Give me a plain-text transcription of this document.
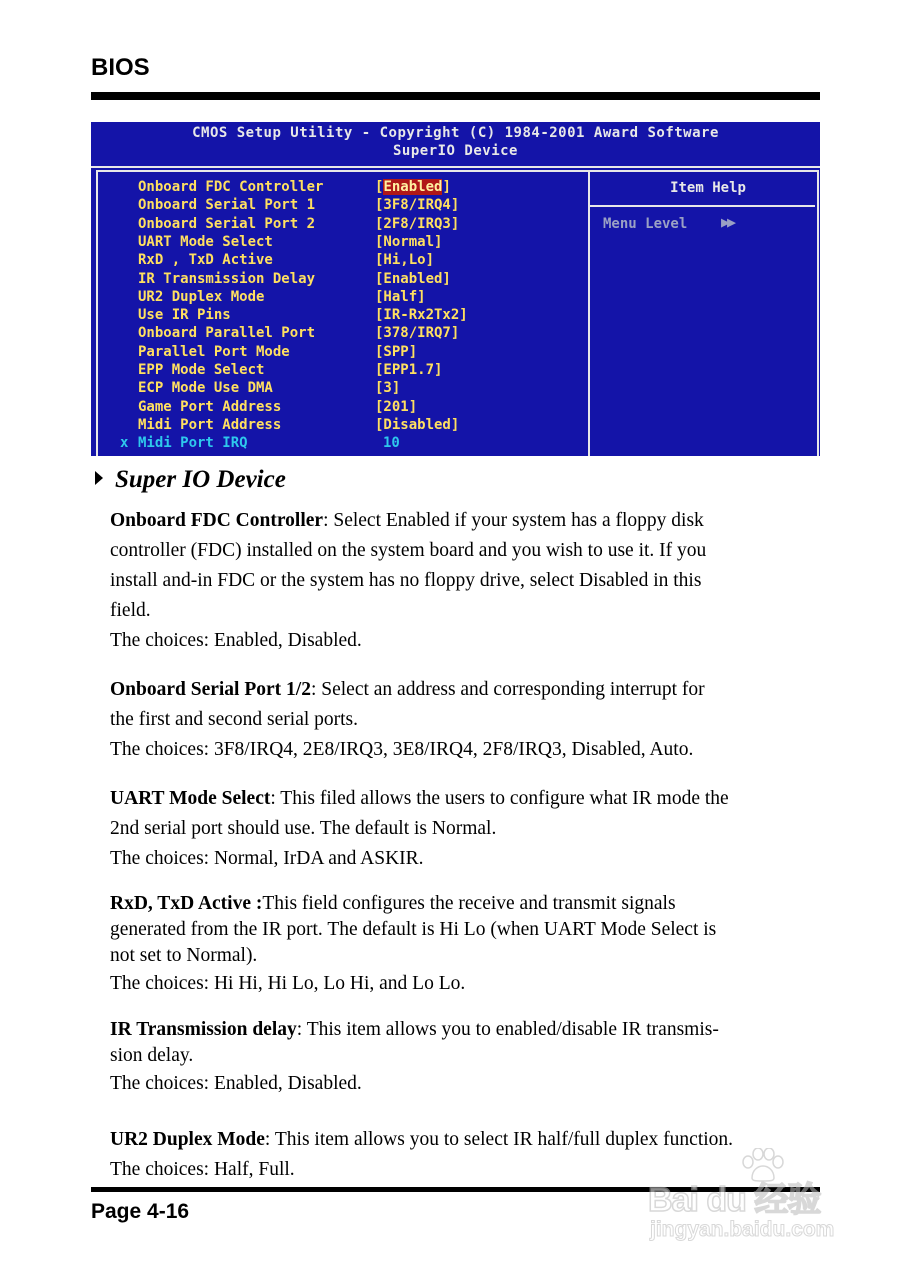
BIOS
CMOS Setup Utility - Copyright (C) 1984-2001 Award Software
SuperIO Device
Item Help
Menu Level ▶▶
Onboard FDC Controller	[Enabled]
Onboard Serial Port 1	[3F8/IRQ4]
Onboard Serial Port 2	[2F8/IRQ3]
UART Mode Select	[Normal]
RxD , TxD Active	[Hi,Lo]
IR Transmission Delay	[Enabled]
UR2 Duplex Mode	[Half]
Use IR Pins	[IR-Rx2Tx2]
Onboard Parallel Port	[378/IRQ7]
Parallel Port Mode	[SPP]
EPP Mode Select	[EPP1.7]
ECP Mode Use DMA	[3]
Game Port Address	[201]
Midi Port Address	[Disabled]
x Midi Port IRQ	10
Super IO Device
Onboard FDC Controller: Select Enabled if your system has a floppy disk
controller (FDC) installed on the system board and you wish to use it. If you
install and-in FDC or the system has no floppy drive, select Disabled in this
field.
The choices: Enabled, Disabled.
Onboard Serial Port 1/2: Select an address and corresponding interrupt for
the first and second serial ports.
The choices: 3F8/IRQ4, 2E8/IRQ3, 3E8/IRQ4, 2F8/IRQ3, Disabled, Auto.
UART Mode Select: This filed allows the users to configure what IR mode the
2nd serial port should use. The default is Normal.
The choices: Normal, IrDA and ASKIR.
RxD, TxD Active :This field configures the receive and transmit signals
generated from the IR port. The default is Hi Lo (when UART Mode Select is
not set to Normal).
The choices: Hi Hi, Hi Lo, Lo Hi, and Lo Lo.
IR Transmission delay: This item allows you to enabled/disable IR transmis-
sion delay.
The choices: Enabled, Disabled.
UR2 Duplex Mode: This item allows you to select IR half/full duplex function.
The choices: Half, Full.
Page 4-16	Bai du 经验
jingyan.baidu.com
